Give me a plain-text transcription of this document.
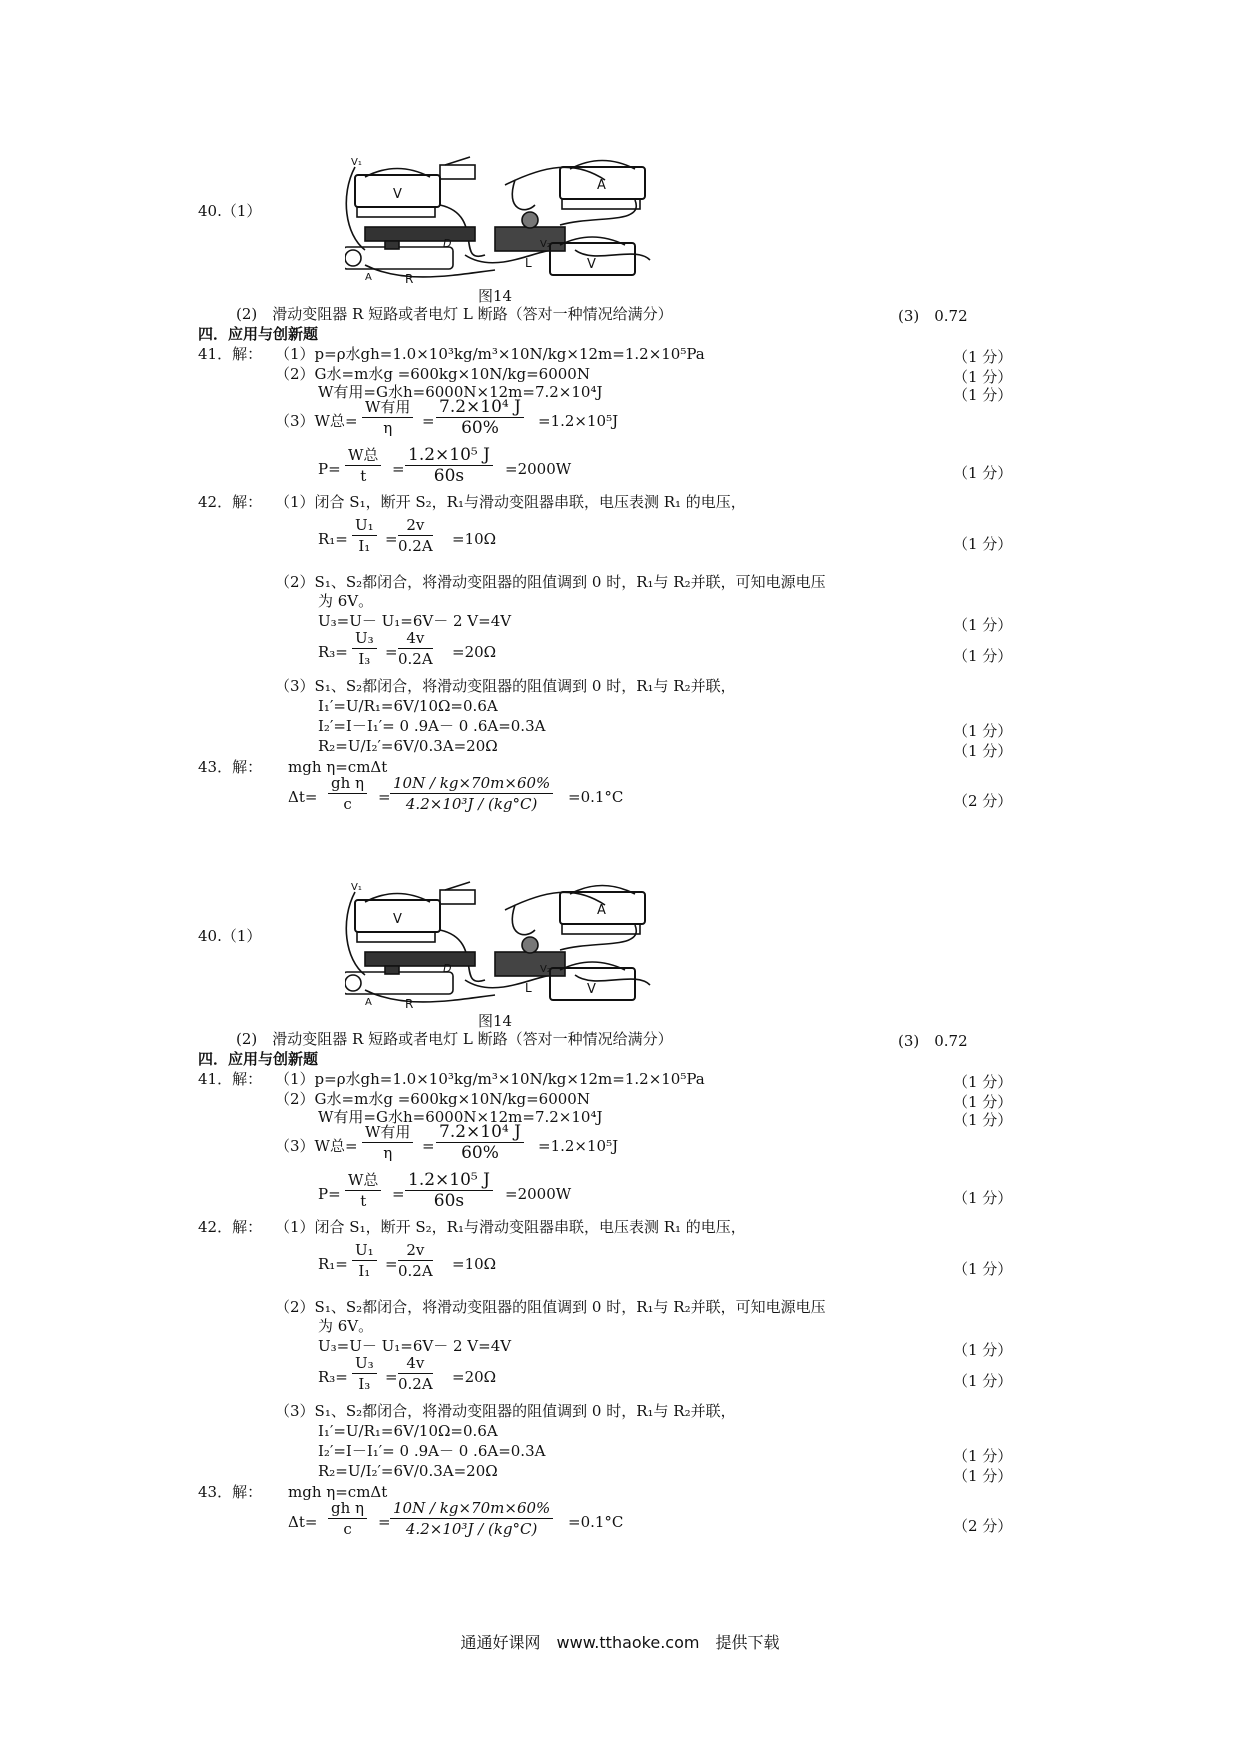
40.（1）
V₁
V
A
V
V₂
D
A	R
L
图14
(2)　滑动变阻器 R 短路或者电灯 L 断路（答对一种情况给满分）	(3)　0.72
四．应用与创新题
41．解： （1）p=ρ水gh=1.0×10³kg/m³×10N/kg×12m=1.2×10⁵Pa	（1 分）
（2）G水=m水g =600kg×10N/kg=6000N	（1 分）
W有用=G水h=6000N×12m=7.2×10⁴J	（1 分）
（3）W总=
W有用
η	= $\frac{\text{7.2×10⁴ J}}{60\%} =1.2\times 10^5J$
P=
W总
t	= $\frac{\text{1.2×10⁵ J}}{60s} =2000W$	（1 分）
42．解： （1）闭合 S₁，断开 S₂，R₁与滑动变阻器串联，电压表测 R₁ 的电压，
$R_1= \frac{\text{U₁}}{\text{I₁}} = \frac{2v}{0.2A} =10\Omega$	（1 分）
（2）S₁、S₂都闭合，将滑动变阻器的阻值调到 0 时，R₁与 R₂并联，可知电源电压
为 6V。
U₃=U－ U₁=6V－ 2 V=4V	（1 分）
$R_3= \frac{\text{U₃}}{\text{I₃}} = \frac{4v}{0.2A} =20\Omega$	（1 分）
（3）S₁、S₂都闭合，将滑动变阻器的阻值调到 0 时，R₁与 R₂并联，
I₁′=U/R₁=6V/10Ω=0.6A
I₂′=I－I₁′= 0 .9A－ 0 .6A=0.3A	（1 分）
R₂=U/I₂′=6V/0.3A=20Ω	（1 分）
43．解： mgh η=cmΔt
$\Delta t= \frac{\text{gh η}}{c} = \frac{10N / kg\times 70m\times 60\%}{\text{4.2×10³J / (kg°C)}} =0.1^\circ C$	（2 分）
40.（1）
V₁
V
A
V
V₂
D
A	R
L
图14
(2)　滑动变阻器 R 短路或者电灯 L 断路（答对一种情况给满分）	(3)　0.72
四．应用与创新题
41．解： （1）p=ρ水gh=1.0×10³kg/m³×10N/kg×12m=1.2×10⁵Pa	（1 分）
（2）G水=m水g =600kg×10N/kg=6000N	（1 分）
W有用=G水h=6000N×12m=7.2×10⁴J	（1 分）
（3）W总=
W有用
η	= $\frac{\text{7.2×10⁴ J}}{60\%} =1.2\times 10^5J$
P=
W总
t	= $\frac{\text{1.2×10⁵ J}}{60s} =2000W$	（1 分）
42．解： （1）闭合 S₁，断开 S₂，R₁与滑动变阻器串联，电压表测 R₁ 的电压，
$R_1= \frac{\text{U₁}}{\text{I₁}} = \frac{2v}{0.2A} =10\Omega$	（1 分）
（2）S₁、S₂都闭合，将滑动变阻器的阻值调到 0 时，R₁与 R₂并联，可知电源电压
为 6V。
U₃=U－ U₁=6V－ 2 V=4V	（1 分）
$R_3= \frac{\text{U₃}}{\text{I₃}} = \frac{4v}{0.2A} =20\Omega$	（1 分）
（3）S₁、S₂都闭合，将滑动变阻器的阻值调到 0 时，R₁与 R₂并联，
I₁′=U/R₁=6V/10Ω=0.6A
I₂′=I－I₁′= 0 .9A－ 0 .6A=0.3A	（1 分）
R₂=U/I₂′=6V/0.3A=20Ω	（1 分）
43．解： mgh η=cmΔt
$\Delta t= \frac{\text{gh η}}{c} = \frac{10N / kg\times 70m\times 60\%}{\text{4.2×10³J / (kg°C)}} =0.1^\circ C$	（2 分）
通通好课网　www.tthaoke.com　提供下载
